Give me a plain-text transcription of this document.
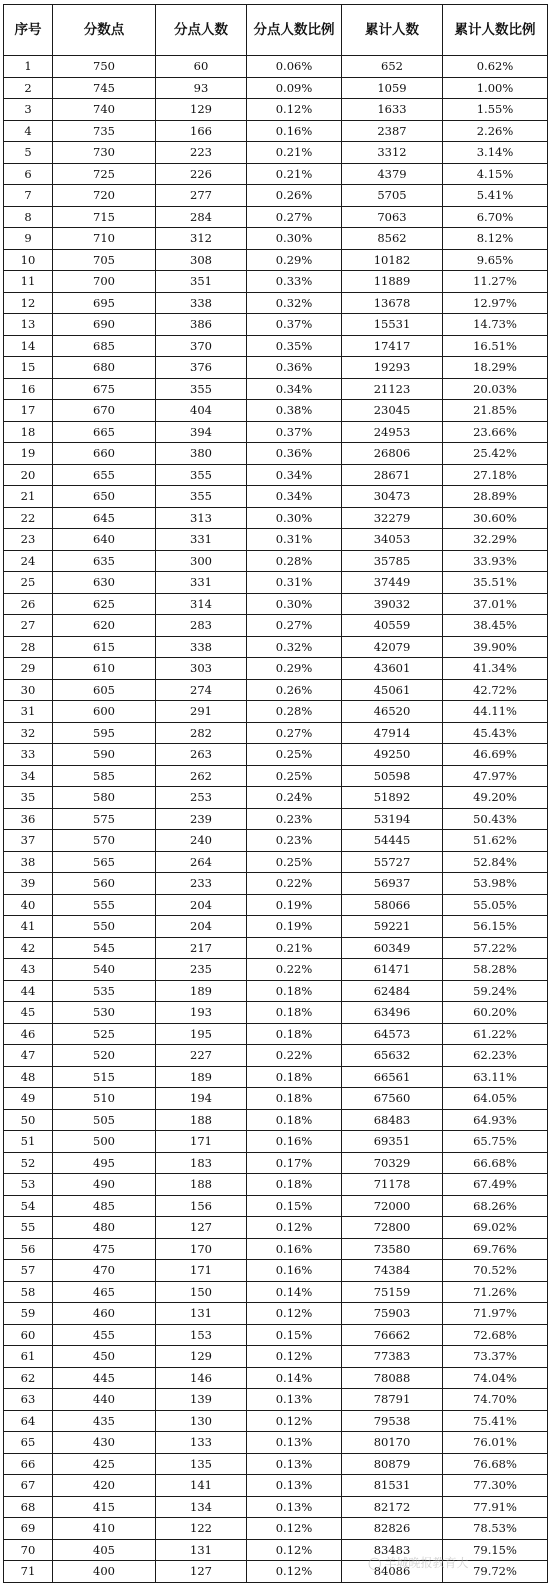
序号	分数点	分点人数	分点人数比例	累计人数	累计人数比例
1	750	60	0.06%	652	0.62%
2	745	93	0.09%	1059	1.00%
3	740	129	0.12%	1633	1.55%
4	735	166	0.16%	2387	2.26%
5	730	223	0.21%	3312	3.14%
6	725	226	0.21%	4379	4.15%
7	720	277	0.26%	5705	5.41%
8	715	284	0.27%	7063	6.70%
9	710	312	0.30%	8562	8.12%
10	705	308	0.29%	10182	9.65%
11	700	351	0.33%	11889	11.27%
12	695	338	0.32%	13678	12.97%
13	690	386	0.37%	15531	14.73%
14	685	370	0.35%	17417	16.51%
15	680	376	0.36%	19293	18.29%
16	675	355	0.34%	21123	20.03%
17	670	404	0.38%	23045	21.85%
18	665	394	0.37%	24953	23.66%
19	660	380	0.36%	26806	25.42%
20	655	355	0.34%	28671	27.18%
21	650	355	0.34%	30473	28.89%
22	645	313	0.30%	32279	30.60%
23	640	331	0.31%	34053	32.29%
24	635	300	0.28%	35785	33.93%
25	630	331	0.31%	37449	35.51%
26	625	314	0.30%	39032	37.01%
27	620	283	0.27%	40559	38.45%
28	615	338	0.32%	42079	39.90%
29	610	303	0.29%	43601	41.34%
30	605	274	0.26%	45061	42.72%
31	600	291	0.28%	46520	44.11%
32	595	282	0.27%	47914	45.43%
33	590	263	0.25%	49250	46.69%
34	585	262	0.25%	50598	47.97%
35	580	253	0.24%	51892	49.20%
36	575	239	0.23%	53194	50.43%
37	570	240	0.23%	54445	51.62%
38	565	264	0.25%	55727	52.84%
39	560	233	0.22%	56937	53.98%
40	555	204	0.19%	58066	55.05%
41	550	204	0.19%	59221	56.15%
42	545	217	0.21%	60349	57.22%
43	540	235	0.22%	61471	58.28%
44	535	189	0.18%	62484	59.24%
45	530	193	0.18%	63496	60.20%
46	525	195	0.18%	64573	61.22%
47	520	227	0.22%	65632	62.23%
48	515	189	0.18%	66561	63.11%
49	510	194	0.18%	67560	64.05%
50	505	188	0.18%	68483	64.93%
51	500	171	0.16%	69351	65.75%
52	495	183	0.17%	70329	66.68%
53	490	188	0.18%	71178	67.49%
54	485	156	0.15%	72000	68.26%
55	480	127	0.12%	72800	69.02%
56	475	170	0.16%	73580	69.76%
57	470	171	0.16%	74384	70.52%
58	465	150	0.14%	75159	71.26%
59	460	131	0.12%	75903	71.97%
60	455	153	0.15%	76662	72.68%
61	450	129	0.12%	77383	73.37%
62	445	146	0.14%	78088	74.04%
63	440	139	0.13%	78791	74.70%
64	435	130	0.12%	79538	75.41%
65	430	133	0.13%	80170	76.01%
66	425	135	0.13%	80879	76.68%
67	420	141	0.13%	81531	77.30%
68	415	134	0.13%	82172	77.91%
69	410	122	0.12%	82826	78.53%
70	405	131	0.12%	83483	79.15%
71	400	127	0.12%	84086	79.72%
◯ 羊城晚报教育大
